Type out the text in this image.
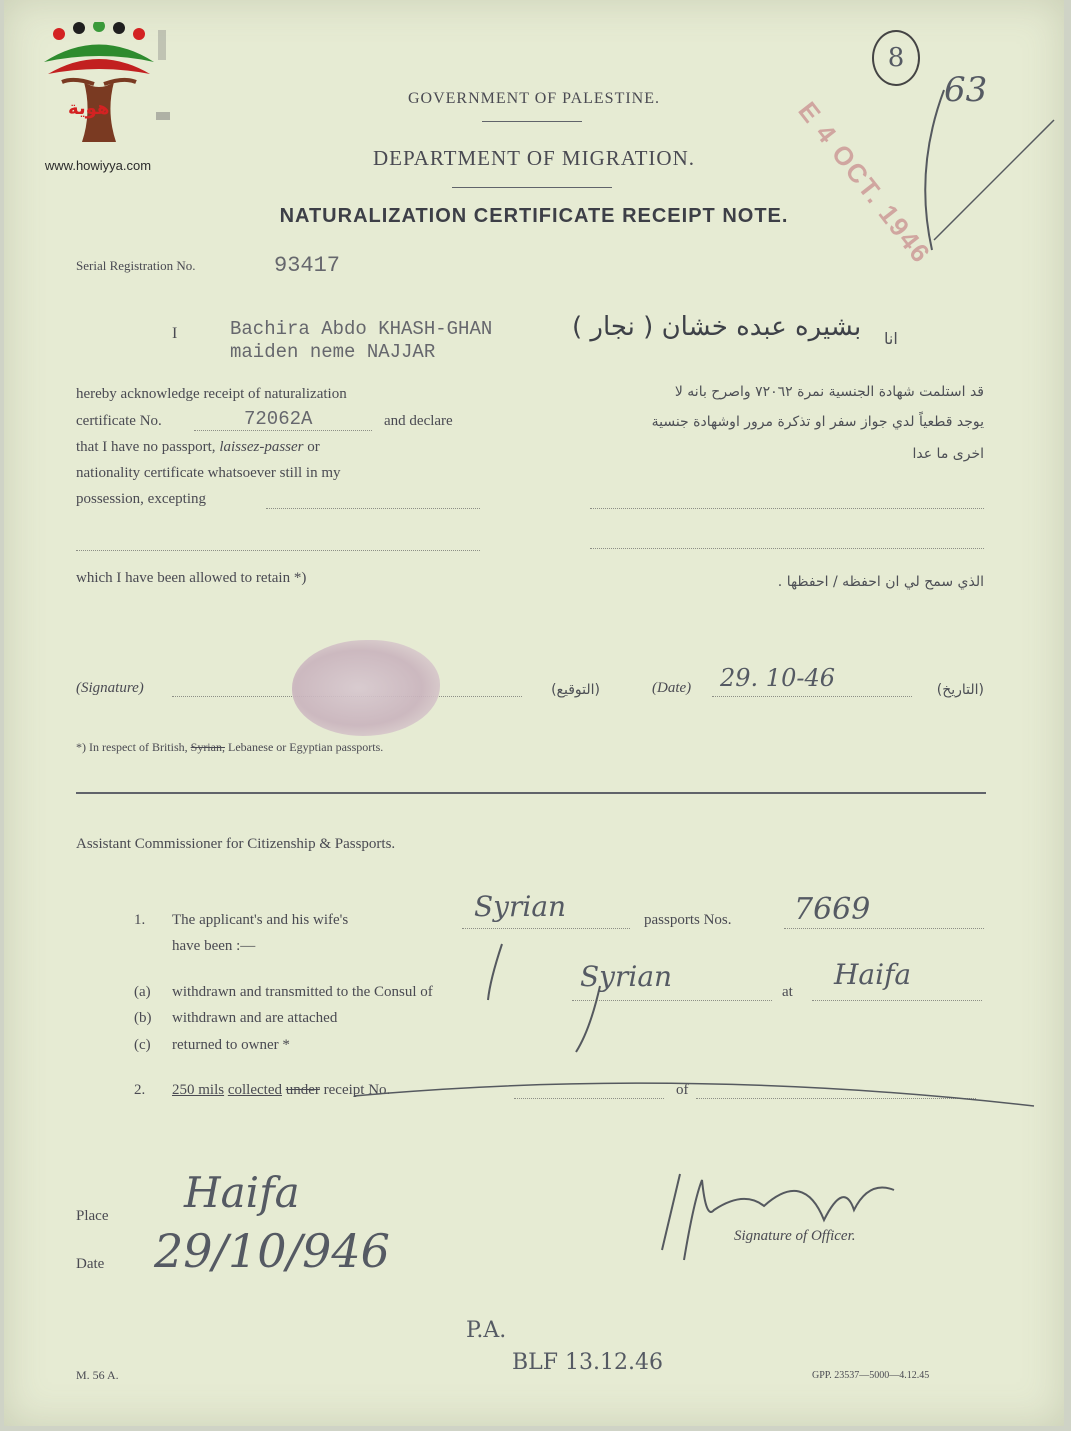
هوية
www.howiyya.com
GOVERNMENT OF PALESTINE.
DEPARTMENT OF MIGRATION.
NATURALIZATION CERTIFICATE RECEIPT NOTE.
8
63
E 4 OCT. 1946
Serial Registration No.	93417
I	Bachira Abdo KHASH-GHAN
maiden neme NAJJAR
بشيره عبده خشان ( نجار ) انا
hereby acknowledge receipt of naturalization
certificate No.	72062A	and declare
that I have no passport, laissez-passer or
nationality certificate whatsoever still in my
possession, excepting
قد استلمت شهادة الجنسية نمرة ٧٢٠٦٢ واصرح بانه لا
يوجد قطعياً لدي جواز سفر او تذكرة مرور اوشهادة جنسية
اخرى ما عدا
which I have been allowed to retain *)	الذي سمح لي ان احفظه / احفظها .
(Signature)	(التوقيع)	(Date) 29. 10-46	(التاريخ)
*) In respect of British, Syrian, Lebanese or Egyptian passports.
Assistant Commissioner for Citizenship & Passports.
1. The applicant's and his wife's	Syrian	passports Nos. 7669
have been :—
(a) withdrawn and transmitted to the Consul of	Syrian	at
Haifa
(b) withdrawn and are attached
(c) returned to owner *
2. 250 mils collected under receipt No.	of
Place Haifa
Date 29/10/946	Signature of Officer.
P.A.
BLF 13.12.46
M. 56 A.	GPP. 23537—5000—4.12.45
